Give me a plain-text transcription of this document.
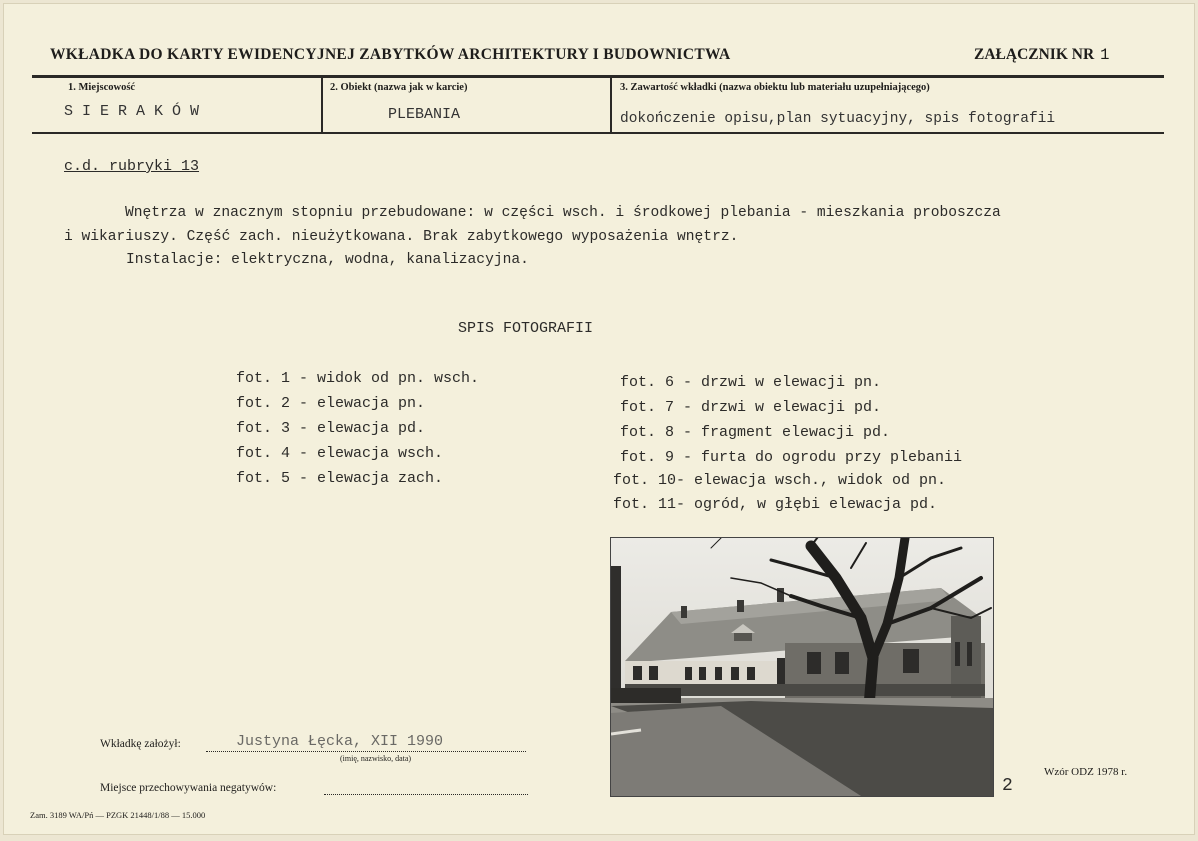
WKŁADKA DO KARTY EWIDENCYJNEJ ZABYTKÓW ARCHITEKTURY I BUDOWNICTWA	ZAŁĄCZNIK NR 1
1. Miejscowość
SIERAKÓW
2. Obiekt (nazwa jak w karcie)
PLEBANIA
3. Zawartość wkładki (nazwa obiektu lub materiału uzupełniającego)
dokończenie opisu,plan sytuacyjny, spis fotografii
c.d. rubryki 13
Wnętrza w znacznym stopniu przebudowane: w części wsch. i środkowej plebania - mieszkania proboszcza
i wikariuszy. Część zach. nieużytkowana. Brak zabytkowego wyposażenia wnętrz.
Instalacje: elektryczna, wodna, kanalizacyjna.
SPIS FOTOGRAFII
fot. 1 - widok od pn. wsch.
fot. 2 - elewacja pn.
fot. 3 - elewacja pd.
fot. 4 - elewacja wsch.
fot. 5 - elewacja zach.
fot. 6 - drzwi w elewacji pn.
fot. 7 - drzwi w elewacji pd.
fot. 8 - fragment elewacji pd.
fot. 9 - furta do ogrodu przy plebanii
fot. 10- elewacja wsch., widok od pn.
fot. 11- ogród, w głębi elewacja pd.
2
Wkładkę założył:	Justyna Łęcka, XII 1990
(imię, nazwisko, data)
Miejsce przechowywania negatywów:
Zam. 3189 WA/Pń — PZGK 21448/1/88 — 15.000
Wzór ODZ 1978 r.
